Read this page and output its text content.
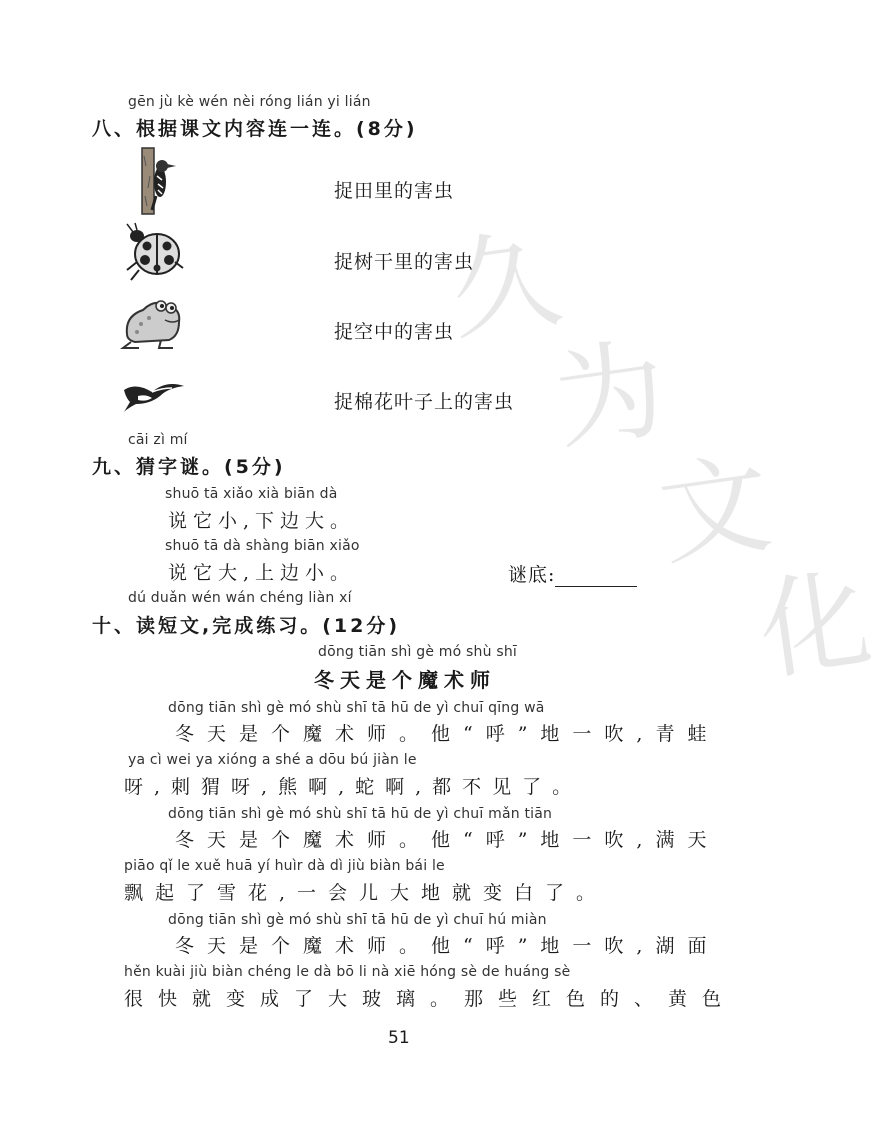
久
为
文
化
gēn jù kè wén nèi róng lián yi lián
八、根据课文内容连一连。(8分)
捉田里的害虫
捉树干里的害虫
捉空中的害虫
捉棉花叶子上的害虫
cāi zì mí
九、猜字谜。(5分)
shuō tā xiǎo xià biān dà
说它小,下边大。
shuō tā dà shàng biān xiǎo
说它大,上边小。	谜底:
dú duǎn wén wán chéng liàn xí
十、读短文,完成练习。(12分)
dōng tiān shì gè mó shù shī
冬天是个魔术师
dōng tiān shì gè mó shù shī tā hū de yì chuī qīng wā
冬天是个魔术师。他“呼”地一吹,青蛙
ya cì wei ya xióng a shé a dōu bú jiàn le
呀,刺猬呀,熊啊,蛇啊,都不见了。
dōng tiān shì gè mó shù shī tā hū de yì chuī mǎn tiān
冬天是个魔术师。他“呼”地一吹,满天
piāo qǐ le xuě huā yí huìr dà dì jiù biàn bái le
飘起了雪花,一会儿大地就变白了。
dōng tiān shì gè mó shù shī tā hū de yì chuī hú miàn
冬天是个魔术师。他“呼”地一吹,湖面
hěn kuài jiù biàn chéng le dà bō li nà xiē hóng sè de huáng sè
很快就变成了大玻璃。那些红色的、黄色
51
